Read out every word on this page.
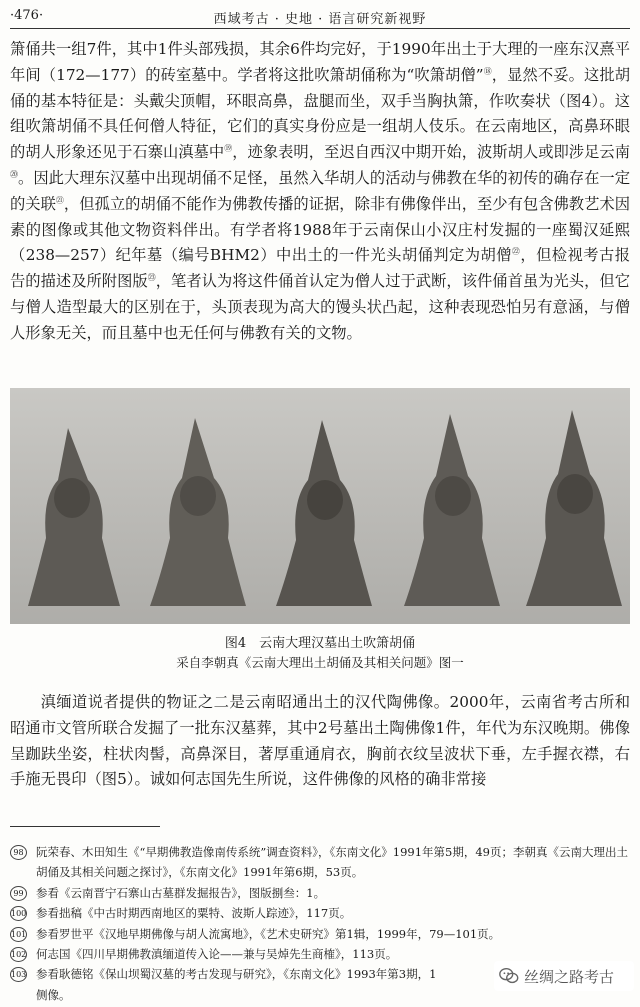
·476·	西域考古 · 史地 · 语言研究新视野

箫俑共一组7件，其中1件头部残损，其余6件均完好，于1990年出土于大理的一座东汉熹平年间（172—177）的砖室墓中。学者将这批吹箫胡俑称为“吹箫胡僧”⑱，显然不妥。这批胡俑的基本特征是：头戴尖顶帽，环眼高鼻，盘腿而坐，双手当胸执箫，作吹奏状（图4）。这组吹箫胡俑不具任何僧人特征，它们的真实身份应是一组胡人伎乐。在云南地区，高鼻环眼的胡人形象还见于石寨山滇墓中⑲，迹象表明，至迟自西汉中期开始，波斯胡人或即涉足云南⑳。因此大理东汉墓中出现胡俑不足怪，虽然入华胡人的活动与佛教在华的初传的确存在一定的关联$^㉑$，但孤立的胡俑不能作为佛教传播的证据，除非有佛像伴出，至少有包含佛教艺术因素的图像或其他文物资料伴出。有学者将1988年于云南保山小汉庄村发掘的一座蜀汉延熙（238—257）纪年墓（编号BHM2）中出土的一件光头胡俑判定为胡僧$^㉒$，但检视考古报告的描述及所附图版$^㉓$，笔者认为将这件俑首认定为僧人过于武断，该件俑首虽为光头，但它与僧人造型最大的区别在于，头顶表现为高大的馒头状凸起，这种表现恐怕另有意涵，与僧人形象无关，而且墓中也无任何与佛教有关的文物。

图4　云南大理汉墓出土吹箫胡俑
采自李朝真《云南大理出土胡俑及其相关问题》图一

滇缅道说者提供的物证之二是云南昭通出土的汉代陶佛像。2000年，云南省考古所和昭通市文管所联合发掘了一批东汉墓葬，其中2号墓出土陶佛像1件，年代为东汉晚期。佛像呈跏趺坐姿，柱状肉髻，高鼻深目，著厚重通肩衣，胸前衣纹呈波状下垂，左手握衣襟，右手施无畏印（图5）。诚如何志国先生所说，这件佛像的风格的确非常接

98 阮荣春、木田知生《“早期佛教造像南传系统”调查资料》，《东南文化》1991年第5期，49页；李朝真《云南大理出土胡俑及其相关问题之探讨》，《东南文化》1991年第6期，53页。
99 参看《云南晋宁石寨山古墓群发掘报告》，图版捌叁：1。
100 参看拙稿《中古时期西南地区的粟特、波斯人踪迹》，117页。
101 参看罗世平《汉地早期佛像与胡人流寓地》，《艺术史研究》第1辑，1999年，79—101页。
102 何志国《四川早期佛教滇缅道传入论——兼与吴焯先生商榷》，113页。
103 参看耿德铭《保山坝蜀汉墓的考古发现与研究》，《东南文化》1993年第3期，1
侧像。
丝绸之路考古
